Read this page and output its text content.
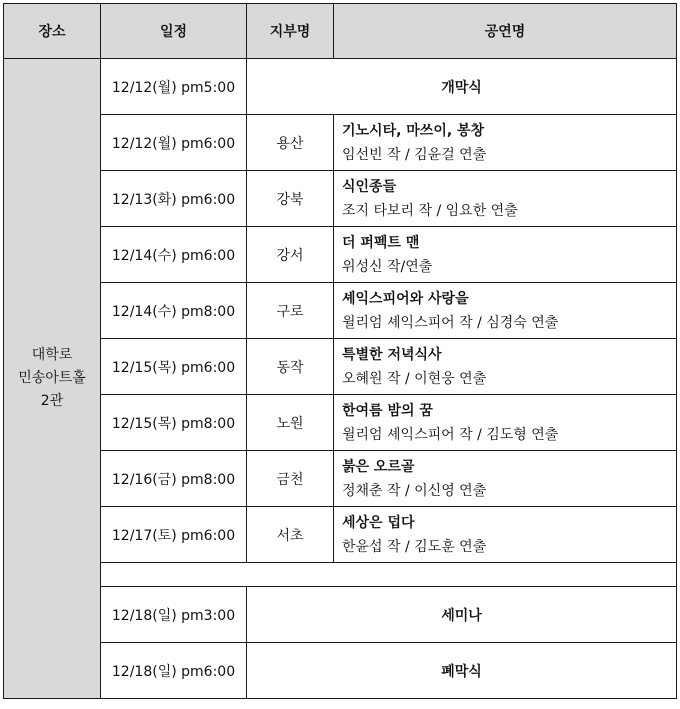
장소	일정	지부명	공연명

대학로
민송아트홀
2관	12/12(월) pm5:00	개막식	
	12/12(월) pm6:00	용산	기노시타, 마쓰이, 봉창
임선빈 작 / 김윤걸 연출

	12/13(화) pm6:00	강북	식인종들
조지 타보리 작 / 임요한 연출

	12/14(수) pm6:00	강서	더 퍼펙트 맨
위성신 작/연출

	12/14(수) pm8:00	구로	셰익스피어와 사랑을
윌리엄 셰익스피어 작 / 심경숙 연출

	12/15(목) pm6:00	동작	특별한 저녁식사
오혜원 작 / 이현웅 연출

	12/15(목) pm8:00	노원	한여름 밤의 꿈
윌리엄 셰익스피어 작 / 김도형 연출

	12/16(금) pm8:00	금천	붉은 오르골
정채춘 작 / 이신영 연출

	12/17(토) pm6:00	서초	세상은 덥다
한윤섭 작 / 김도훈 연출

	12/18(일) pm3:00	세미나	
	12/18(일) pm6:00	폐막식	
